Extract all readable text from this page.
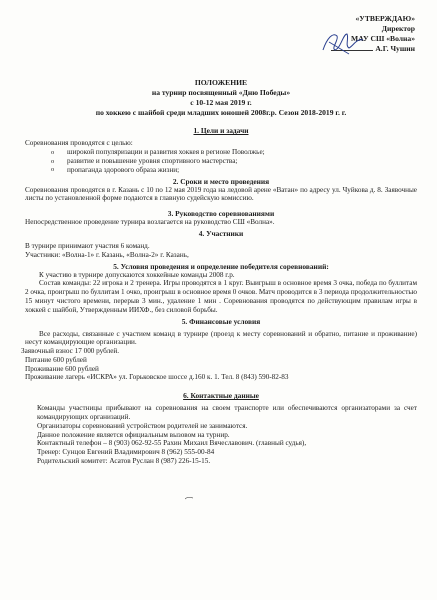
«УТВЕРЖДАЮ»
Директор
МАУ СШ «Волна»
А.Г. Чушин
ПОЛОЖЕНИЕ
на турнир посвященный «Дню Победы»
с 10-12 мая 2019 г.
по хоккею с шайбой среди младших юношей 2008г.р. Сезон 2018-2019 г. г.
1. Цели и задачи

Соревнования проводятся с целью:

o широкой популяризации и развития хоккея в регионе Поволжье;
o развитие и повышение уровня спортивного мастерства;
o пропаганда здорового образа жизни;
2. Сроки и место проведения

Соревнования проводятся в г. Казань с 10 по 12 мая 2019 года на ледовой арене «Ватан» по адресу ул. Чуйкова д. 8. Заявочные листы по установленной форме подаются в главную судейскую комиссию.

3. Руководство соревнованиями

Непосредственное проведение турнира возлагается на руководство СШ «Волна».

4. Участники

В турнире принимают участия 6 команд.

Участники: «Волна-1» г. Казань, «Волна-2» г. Казань,

5. Условия проведения и определение победителя соревнований:

К участию в турнире допускаются хоккейные команды 2008 г.р.

Состав команды: 22 игрока и 2 тренера. Игры проводятся в 1 круг. Выигрыш в основное время 3 очка, победа по буллитам 2 очка, проигрыш по буллитам 1 очко, проигрыш в основное время 0 очков. Матч проводится в 3 периода продолжительностью 15 минут чистого времени, перерыв 3 мин., удаление 1 мин . Соревнования проводятся по действующим правилам игры в хоккей с шайбой, Утвержденным ИИХФ., без силовой борьбы.

5. Финансовые условия

Все расходы, связанные с участием команд в турнире (проезд к месту соревнований и обратно, питание и проживание) несут командирующие организации.

Заявочный взнос 17 000 рублей.

Питание 600 рублей

Проживание 600 рублей

Проживание лагерь «ИСКРА» ул. Горьковское шоссе д.160 к. 1. Тел. 8 (843) 590-82-83

6. Контактные данные

Команды участницы прибывают на соревнования на своем транспорте или обеспечиваются организаторами за счет командирующих организаций.

Организаторы соревнований устройством родителей не занимаются.

Данное положение является официальным вызовом на турнир.

Контактный телефон – 8 (903) 062-92-55 Рахин Михаил Вячеславович. (главный судья),

Тренер: Сунцов Евгений Владимирович 8 (962) 555-00-84

Родительский комитет: Асатов Руслан 8 (987) 226-15-15.
